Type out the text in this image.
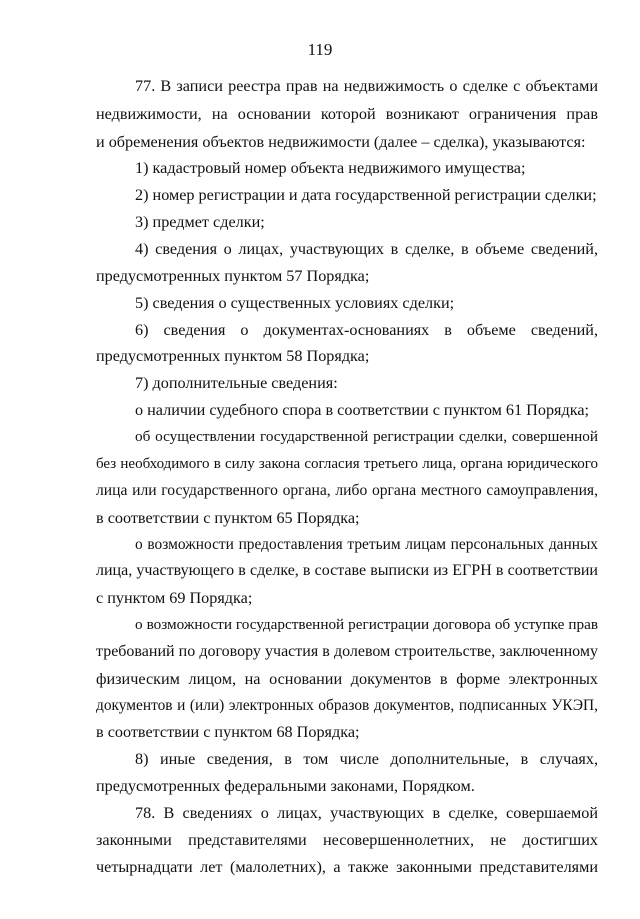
119
77. В записи реестра прав на недвижимость о сделке с объектами
недвижимости, на основании которой возникают ограничения прав
и обременения объектов недвижимости (далее – сделка), указываются:
1) кадастровый номер объекта недвижимого имущества;
2) номер регистрации и дата государственной регистрации сделки;
3) предмет сделки;
4) сведения о лицах, участвующих в сделке, в объеме сведений,
предусмотренных пунктом 57 Порядка;
5) сведения о существенных условиях сделки;
6) сведения о документах-основаниях в объеме сведений,
предусмотренных пунктом 58 Порядка;
7) дополнительные сведения:
о наличии судебного спора в соответствии с пунктом 61 Порядка;
об осуществлении государственной регистрации сделки, совершенной
без необходимого в силу закона согласия третьего лица, органа юридического
лица или государственного органа, либо органа местного самоуправления,
в соответствии с пунктом 65 Порядка;
о возможности предоставления третьим лицам персональных данных
лица, участвующего в сделке, в составе выписки из ЕГРН в соответствии
с пунктом 69 Порядка;
о возможности государственной регистрации договора об уступке прав
требований по договору участия в долевом строительстве, заключенному
физическим лицом, на основании документов в форме электронных
документов и (или) электронных образов документов, подписанных УКЭП,
в соответствии с пунктом 68 Порядка;
8) иные сведения, в том числе дополнительные, в случаях,
предусмотренных федеральными законами, Порядком.
78. В сведениях о лицах, участвующих в сделке, совершаемой
законными представителями несовершеннолетних, не достигших
четырнадцати лет (малолетних), а также законными представителями
